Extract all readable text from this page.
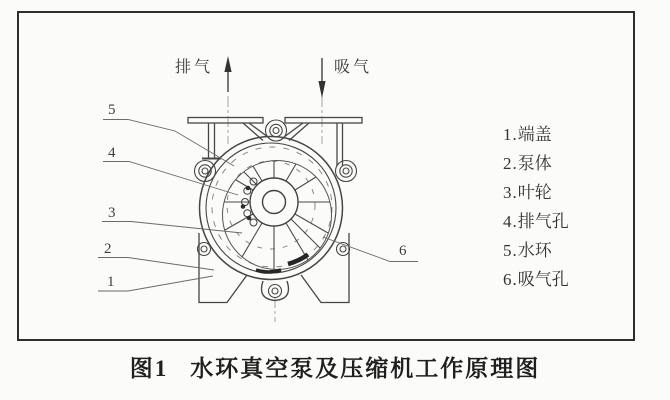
排气	吸气
5
4
3
2
1
6
1.端盖
2.泵体
3.叶轮
4.排气孔
5.水环
6.吸气孔
图1 水环真空泵及压缩机工作原理图
